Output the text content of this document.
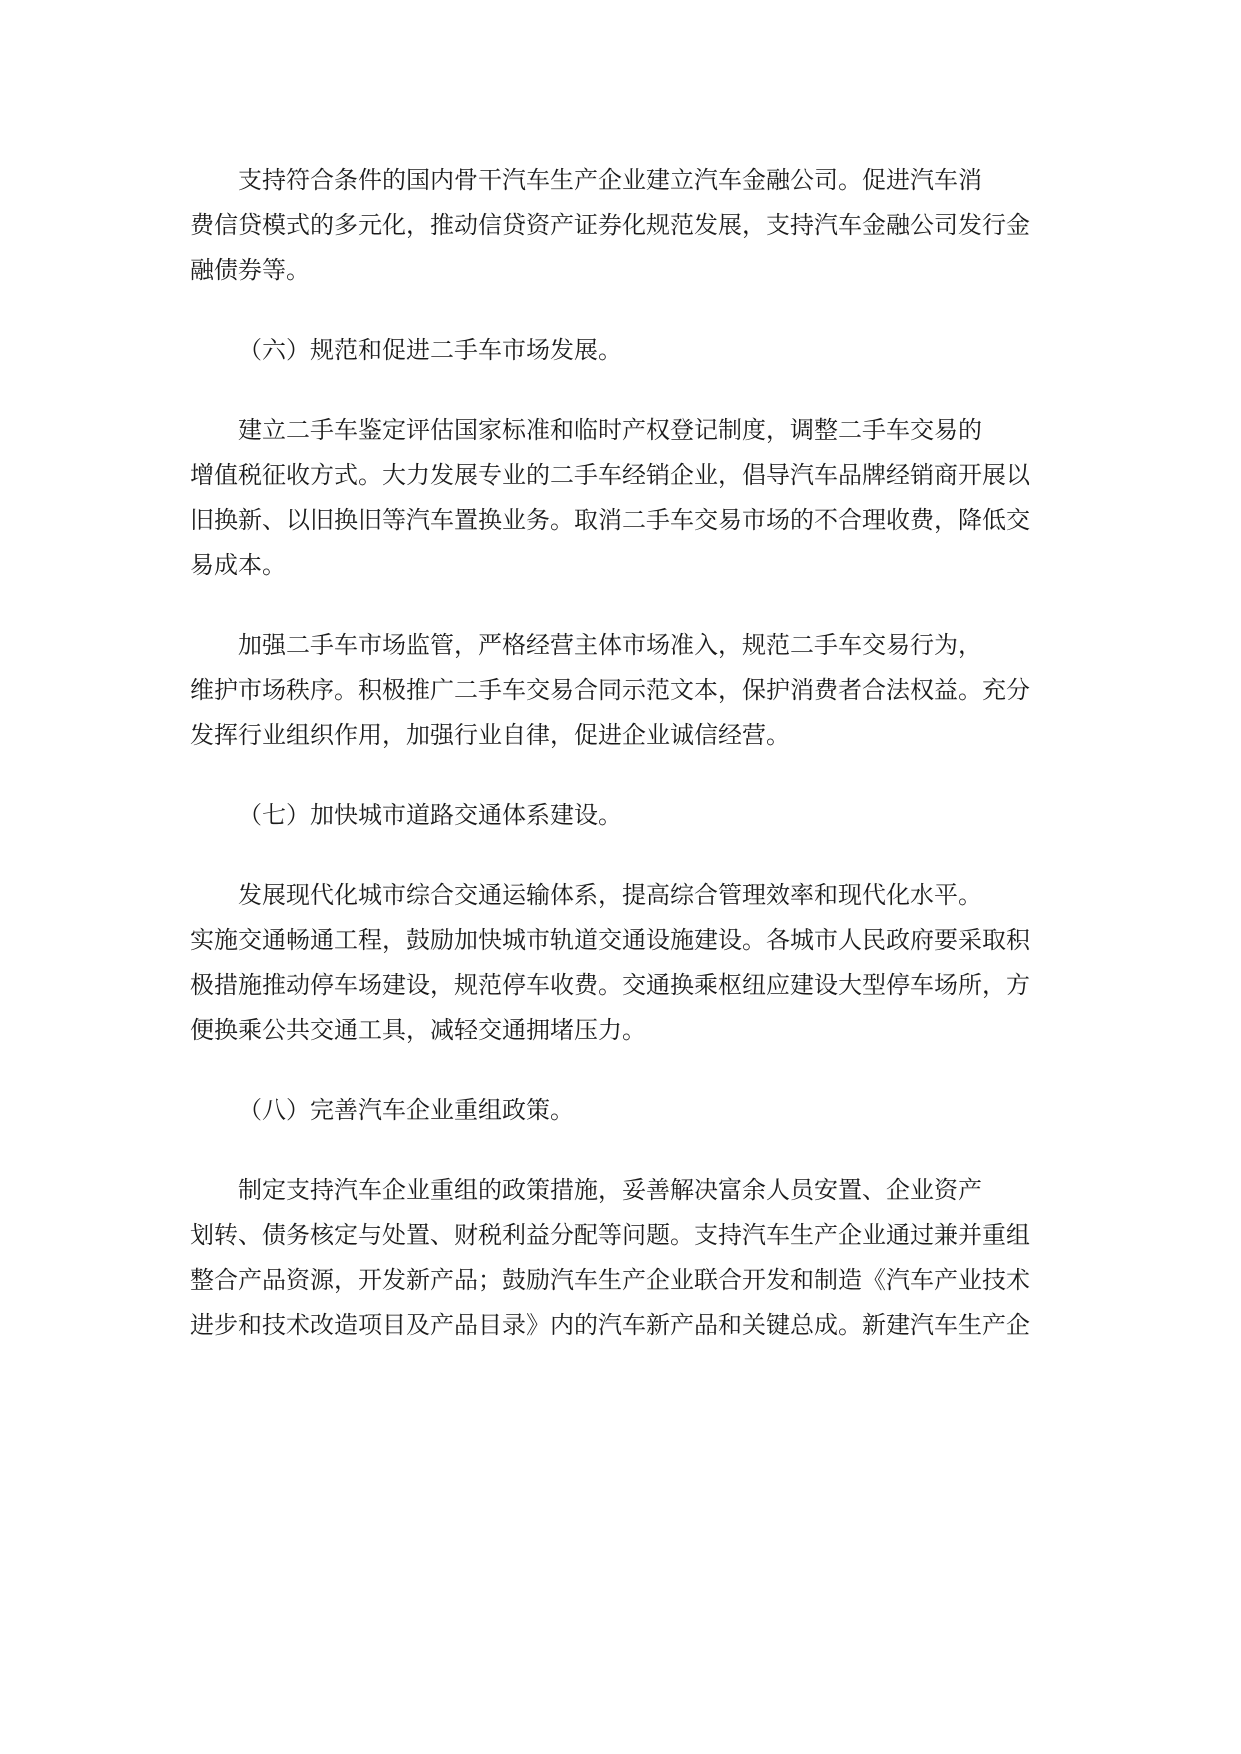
支持符合条件的国内骨干汽车生产企业建立汽车金融公司。促进汽车消
费信贷模式的多元化，推动信贷资产证券化规范发展，支持汽车金融公司发行金
融债券等。
（六）规范和促进二手车市场发展。
建立二手车鉴定评估国家标准和临时产权登记制度，调整二手车交易的
增值税征收方式。大力发展专业的二手车经销企业，倡导汽车品牌经销商开展以
旧换新、以旧换旧等汽车置换业务。取消二手车交易市场的不合理收费，降低交
易成本。
加强二手车市场监管，严格经营主体市场准入，规范二手车交易行为，
维护市场秩序。积极推广二手车交易合同示范文本，保护消费者合法权益。充分
发挥行业组织作用，加强行业自律，促进企业诚信经营。
（七）加快城市道路交通体系建设。
发展现代化城市综合交通运输体系，提高综合管理效率和现代化水平。
实施交通畅通工程，鼓励加快城市轨道交通设施建设。各城市人民政府要采取积
极措施推动停车场建设，规范停车收费。交通换乘枢纽应建设大型停车场所，方
便换乘公共交通工具，减轻交通拥堵压力。
（八）完善汽车企业重组政策。
制定支持汽车企业重组的政策措施，妥善解决富余人员安置、企业资产
划转、债务核定与处置、财税利益分配等问题。支持汽车生产企业通过兼并重组
整合产品资源，开发新产品；鼓励汽车生产企业联合开发和制造《汽车产业技术
进步和技术改造项目及产品目录》内的汽车新产品和关键总成。新建汽车生产企
